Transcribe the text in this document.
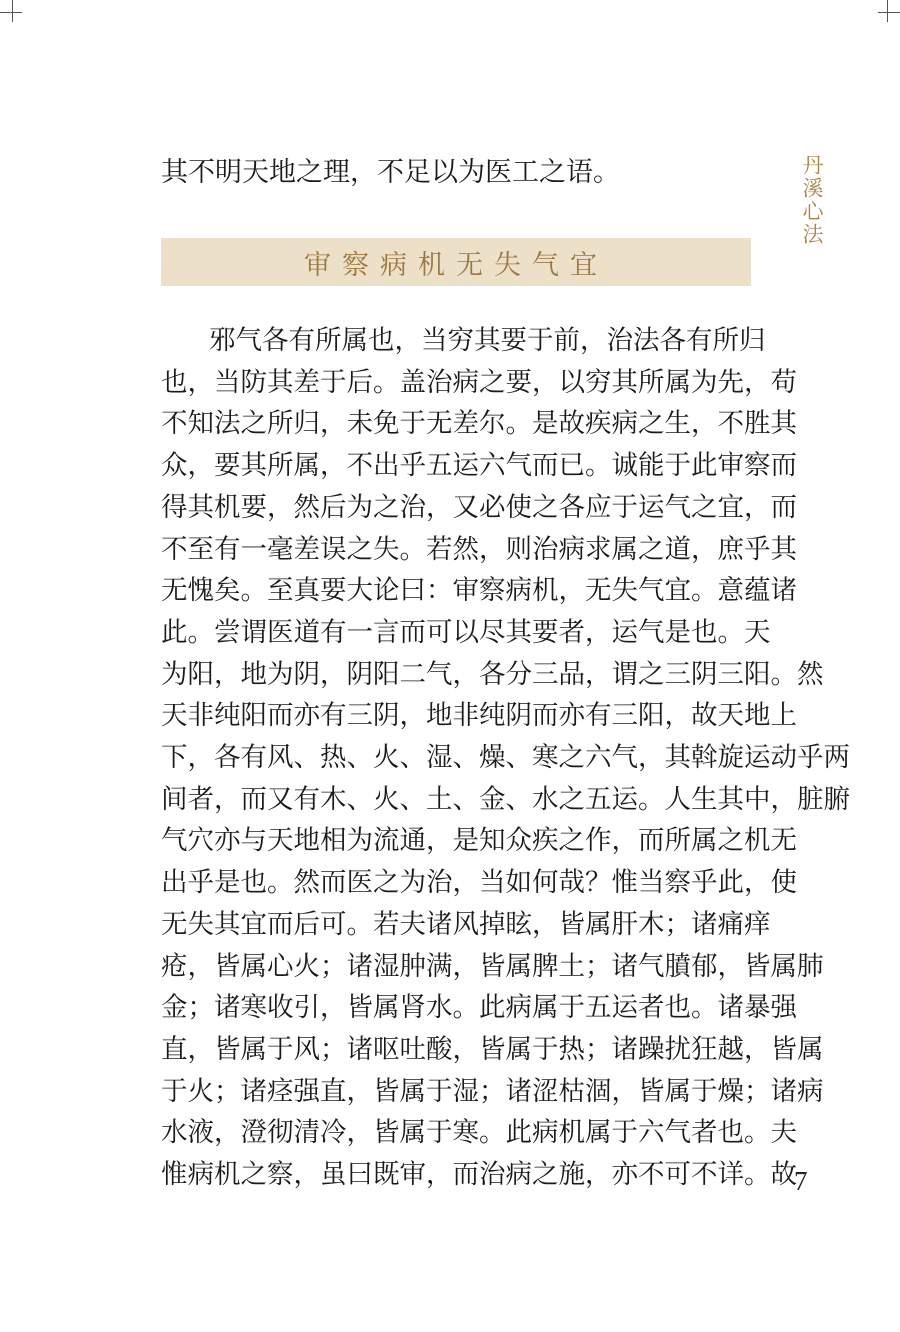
丹溪心法
其不明天地之理，不足以为医工之语。
审察病机无失气宜
邪气各有所属也，当穷其要于前，治法各有所归
也，当防其差于后。盖治病之要，以穷其所属为先，苟
不知法之所归，未免于无差尔。是故疾病之生，不胜其
众，要其所属，不出乎五运六气而已。诚能于此审察而
得其机要，然后为之治，又必使之各应于运气之宜，而
不至有一毫差误之失。若然，则治病求属之道，庶乎其
无愧矣。至真要大论曰：审察病机，无失气宜。意蕴诸
此。尝谓医道有一言而可以尽其要者，运气是也。天
为阳，地为阴，阴阳二气，各分三品，谓之三阴三阳。然
天非纯阳而亦有三阴，地非纯阴而亦有三阳，故天地上
下，各有风、热、火、湿、燥、寒之六气，其斡旋运动乎两
间者，而又有木、火、土、金、水之五运。人生其中，脏腑
气穴亦与天地相为流通，是知众疾之作，而所属之机无
出乎是也。然而医之为治，当如何哉？惟当察乎此，使
无失其宜而后可。若夫诸风掉眩，皆属肝木；诸痛痒
疮，皆属心火；诸湿肿满，皆属脾土；诸气膹郁，皆属肺
金；诸寒收引，皆属肾水。此病属于五运者也。诸暴强
直，皆属于风；诸呕吐酸，皆属于热；诸躁扰狂越，皆属
于火；诸痉强直，皆属于湿；诸涩枯涸，皆属于燥；诸病
水液，澄彻清冷，皆属于寒。此病机属于六气者也。夫
惟病机之察，虽曰既审，而治病之施，亦不可不详。故
7
